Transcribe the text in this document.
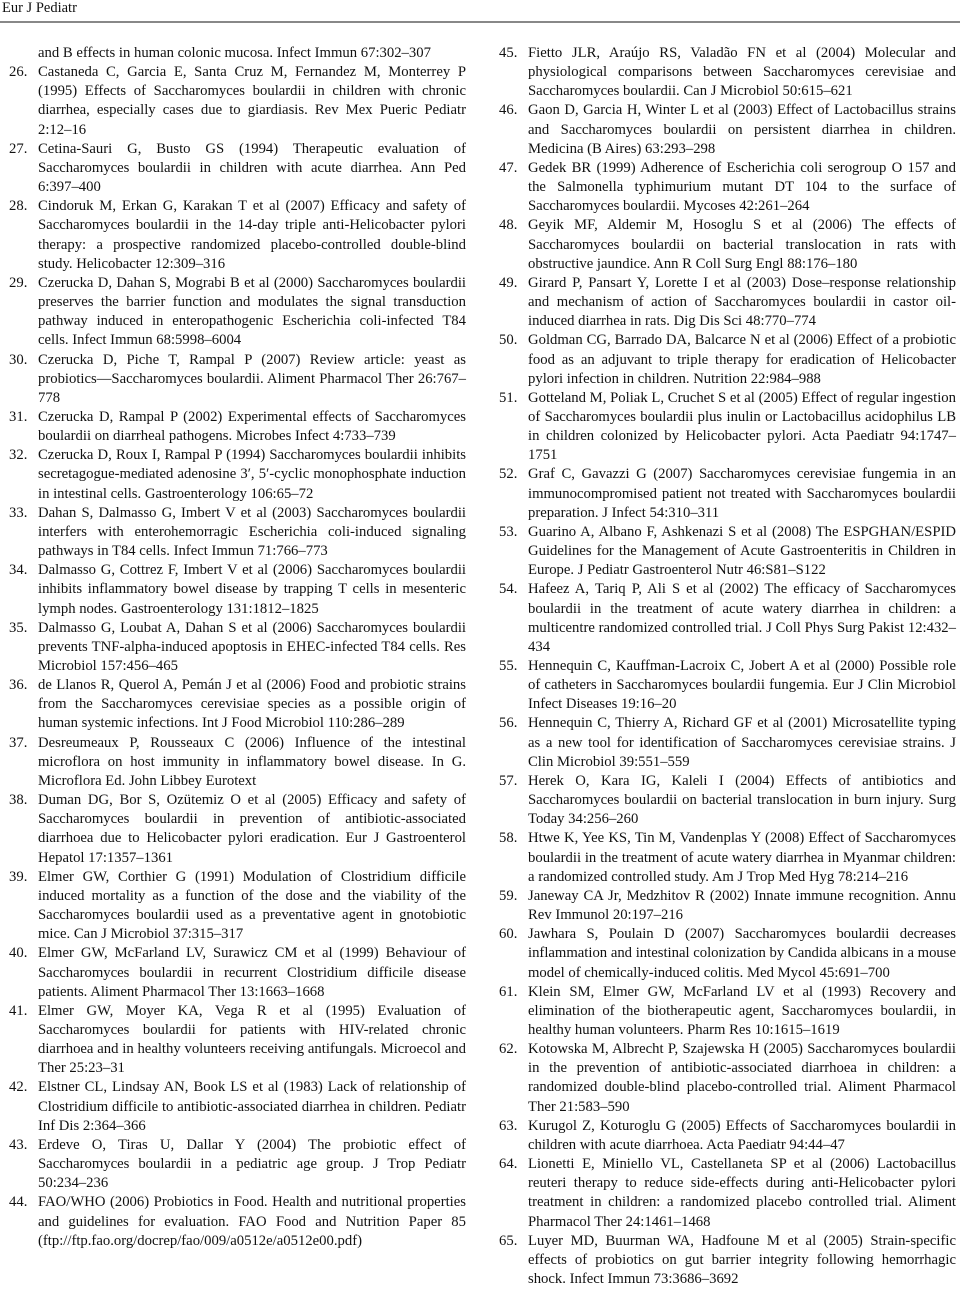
Eur J Pediatr
and B effects in human colonic mucosa. Infect Immun 67:302–307
26. Castaneda C, Garcia E, Santa Cruz M, Fernandez M, Monterrey P (1995) Effects of Saccharomyces boulardii in children with chronic diarrhea, especially cases due to giardiasis. Rev Mex Pueric Pediatr 2:12–16
27. Cetina-Sauri G, Busto GS (1994) Therapeutic evaluation of Saccharomyces boulardii in children with acute diarrhea. Ann Ped 6:397–400
28. Cindoruk M, Erkan G, Karakan T et al (2007) Efficacy and safety of Saccharomyces boulardii in the 14-day triple anti-Helicobacter pylori therapy: a prospective randomized placebo-controlled double-blind study. Helicobacter 12:309–316
29. Czerucka D, Dahan S, Mograbi B et al (2000) Saccharomyces boulardii preserves the barrier function and modulates the signal transduction pathway induced in enteropathogenic Escherichia coli-infected T84 cells. Infect Immun 68:5998–6004
30. Czerucka D, Piche T, Rampal P (2007) Review article: yeast as probiotics—Saccharomyces boulardii. Aliment Pharmacol Ther 26:767–778
31. Czerucka D, Rampal P (2002) Experimental effects of Saccharomyces boulardii on diarrheal pathogens. Microbes Infect 4:733–739
32. Czerucka D, Roux I, Rampal P (1994) Saccharomyces boulardii inhibits secretagogue-mediated adenosine 3′, 5′-cyclic monophosphate induction in intestinal cells. Gastroenterology 106:65–72
33. Dahan S, Dalmasso G, Imbert V et al (2003) Saccharomyces boulardii interfers with enterohemorragic Escherichia coli-induced signaling pathways in T84 cells. Infect Immun 71:766–773
34. Dalmasso G, Cottrez F, Imbert V et al (2006) Saccharomyces boulardii inhibits inflammatory bowel disease by trapping T cells in mesenteric lymph nodes. Gastroenterology 131:1812–1825
35. Dalmasso G, Loubat A, Dahan S et al (2006) Saccharomyces boulardii prevents TNF-alpha-induced apoptosis in EHEC-infected T84 cells. Res Microbiol 157:456–465
36. de Llanos R, Querol A, Pemán J et al (2006) Food and probiotic strains from the Saccharomyces cerevisiae species as a possible origin of human systemic infections. Int J Food Microbiol 110:286–289
37. Desreumeaux P, Rousseaux C (2006) Influence of the intestinal microflora on host immunity in inflammatory bowel disease. In G. Microflora Ed. John Libbey Eurotext
38. Duman DG, Bor S, Ozütemiz O et al (2005) Efficacy and safety of Saccharomyces boulardii in prevention of antibiotic-associated diarrhoea due to Helicobacter pylori eradication. Eur J Gastroenterol Hepatol 17:1357–1361
39. Elmer GW, Corthier G (1991) Modulation of Clostridium difficile induced mortality as a function of the dose and the viability of the Saccharomyces boulardii used as a preventative agent in gnotobiotic mice. Can J Microbiol 37:315–317
40. Elmer GW, McFarland LV, Surawicz CM et al (1999) Behaviour of Saccharomyces boulardii in recurrent Clostridium difficile disease patients. Aliment Pharmacol Ther 13:1663–1668
41. Elmer GW, Moyer KA, Vega R et al (1995) Evaluation of Saccharomyces boulardii for patients with HIV-related chronic diarrhoea and in healthy volunteers receiving antifungals. Microecol and Ther 25:23–31
42. Elstner CL, Lindsay AN, Book LS et al (1983) Lack of relationship of Clostridium difficile to antibiotic-associated diarrhea in children. Pediatr Inf Dis 2:364–366
43. Erdeve O, Tiras U, Dallar Y (2004) The probiotic effect of Saccharomyces boulardii in a pediatric age group. J Trop Pediatr 50:234–236
44. FAO/WHO (2006) Probiotics in Food. Health and nutritional properties and guidelines for evaluation. FAO Food and Nutrition Paper 85 (ftp://ftp.fao.org/docrep/fao/009/a0512e/a0512e00.pdf)
45. Fietto JLR, Araújo RS, Valadão FN et al (2004) Molecular and physiological comparisons between Saccharomyces cerevisiae and Saccharomyces boulardii. Can J Microbiol 50:615–621
46. Gaon D, Garcia H, Winter L et al (2003) Effect of Lactobacillus strains and Saccharomyces boulardii on persistent diarrhea in children. Medicina (B Aires) 63:293–298
47. Gedek BR (1999) Adherence of Escherichia coli serogroup O 157 and the Salmonella typhimurium mutant DT 104 to the surface of Saccharomyces boulardii. Mycoses 42:261–264
48. Geyik MF, Aldemir M, Hosoglu S et al (2006) The effects of Saccharomyces boulardii on bacterial translocation in rats with obstructive jaundice. Ann R Coll Surg Engl 88:176–180
49. Girard P, Pansart Y, Lorette I et al (2003) Dose–response relationship and mechanism of action of Saccharomyces boulardii in castor oil-induced diarrhea in rats. Dig Dis Sci 48:770–774
50. Goldman CG, Barrado DA, Balcarce N et al (2006) Effect of a probiotic food as an adjuvant to triple therapy for eradication of Helicobacter pylori infection in children. Nutrition 22:984–988
51. Gotteland M, Poliak L, Cruchet S et al (2005) Effect of regular ingestion of Saccharomyces boulardii plus inulin or Lactobacillus acidophilus LB in children colonized by Helicobacter pylori. Acta Paediatr 94:1747–1751
52. Graf C, Gavazzi G (2007) Saccharomyces cerevisiae fungemia in an immunocompromised patient not treated with Saccharomyces boulardii preparation. J Infect 54:310–311
53. Guarino A, Albano F, Ashkenazi S et al (2008) The ESPGHAN/ESPID Guidelines for the Management of Acute Gastroenteritis in Children in Europe. J Pediatr Gastroenterol Nutr 46:S81–S122
54. Hafeez A, Tariq P, Ali S et al (2002) The efficacy of Saccharomyces boulardii in the treatment of acute watery diarrhea in children: a multicentre randomized controlled trial. J Coll Phys Surg Pakist 12:432–434
55. Hennequin C, Kauffman-Lacroix C, Jobert A et al (2000) Possible role of catheters in Saccharomyces boulardii fungemia. Eur J Clin Microbiol Infect Diseases 19:16–20
56. Hennequin C, Thierry A, Richard GF et al (2001) Microsatellite typing as a new tool for identification of Saccharomyces cerevisiae strains. J Clin Microbiol 39:551–559
57. Herek O, Kara IG, Kaleli I (2004) Effects of antibiotics and Saccharomyces boulardii on bacterial translocation in burn injury. Surg Today 34:256–260
58. Htwe K, Yee KS, Tin M, Vandenplas Y (2008) Effect of Saccharomyces boulardii in the treatment of acute watery diarrhea in Myanmar children: a randomized controlled study. Am J Trop Med Hyg 78:214–216
59. Janeway CA Jr, Medzhitov R (2002) Innate immune recognition. Annu Rev Immunol 20:197–216
60. Jawhara S, Poulain D (2007) Saccharomyces boulardii decreases inflammation and intestinal colonization by Candida albicans in a mouse model of chemically-induced colitis. Med Mycol 45:691–700
61. Klein SM, Elmer GW, McFarland LV et al (1993) Recovery and elimination of the biotherapeutic agent, Saccharomyces boulardii, in healthy human volunteers. Pharm Res 10:1615–1619
62. Kotowska M, Albrecht P, Szajewska H (2005) Saccharomyces boulardii in the prevention of antibiotic-associated diarrhoea in children: a randomized double-blind placebo-controlled trial. Aliment Pharmacol Ther 21:583–590
63. Kurugol Z, Koturoglu G (2005) Effects of Saccharomyces boulardii in children with acute diarrhoea. Acta Paediatr 94:44–47
64. Lionetti E, Miniello VL, Castellaneta SP et al (2006) Lactobacillus reuteri therapy to reduce side-effects during anti-Helicobacter pylori treatment in children: a randomized placebo controlled trial. Aliment Pharmacol Ther 24:1461–1468
65. Luyer MD, Buurman WA, Hadfoune M et al (2005) Strain-specific effects of probiotics on gut barrier integrity following hemorrhagic shock. Infect Immun 73:3686–3692
